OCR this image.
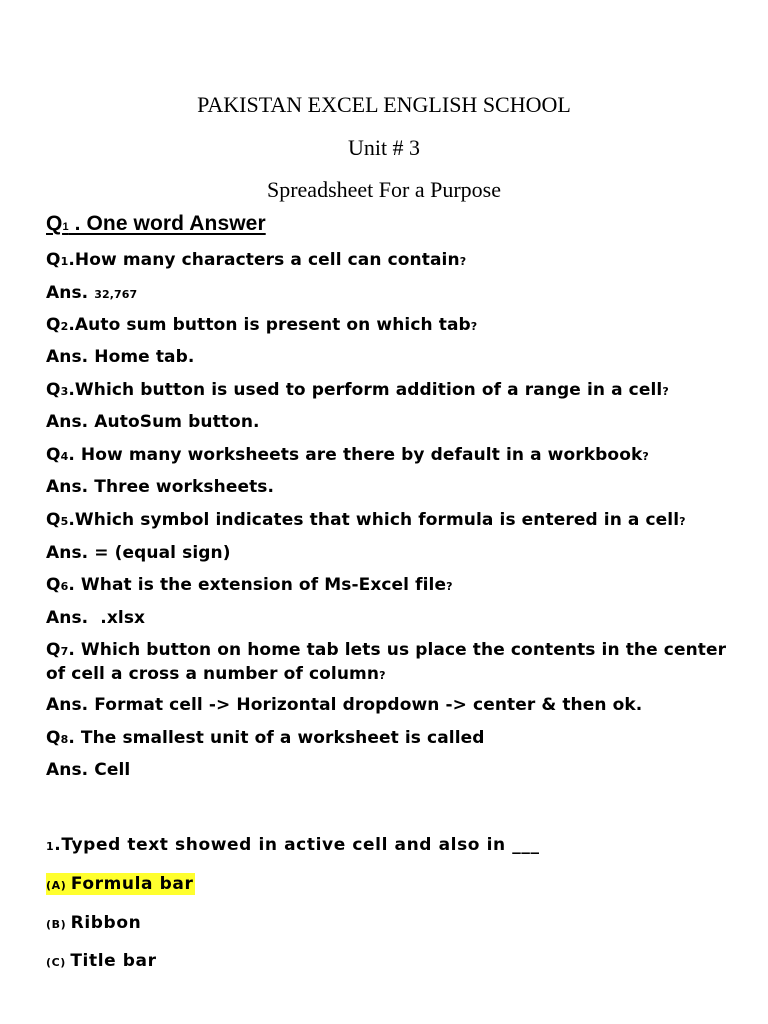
PAKISTAN EXCEL ENGLISH SCHOOL
Unit # 3
Spreadsheet For a Purpose
Q1 . One word Answer
Q1.How many characters a cell can contain?
Ans. 32,767
Q2.Auto sum button is present on which tab?
Ans. Home tab.
Q3.Which button is used to perform addition of a range in a cell?
Ans. AutoSum button.
Q4. How many worksheets are there by default in a workbook?
Ans. Three worksheets.
Q5.Which symbol indicates that which formula is entered in a cell?
Ans. = (equal sign)
Q6. What is the extension of Ms-Excel file?
Ans.  .xlsx
Q7. Which button on home tab lets us place the contents in the center of cell a cross a number of column?
Ans. Format cell -> Horizontal dropdown -> center & then ok.
Q8. The smallest unit of a worksheet is called
Ans. Cell
1.Typed text showed in active cell and also in ___
(A) Formula bar
(B) Ribbon
(C) Title bar
